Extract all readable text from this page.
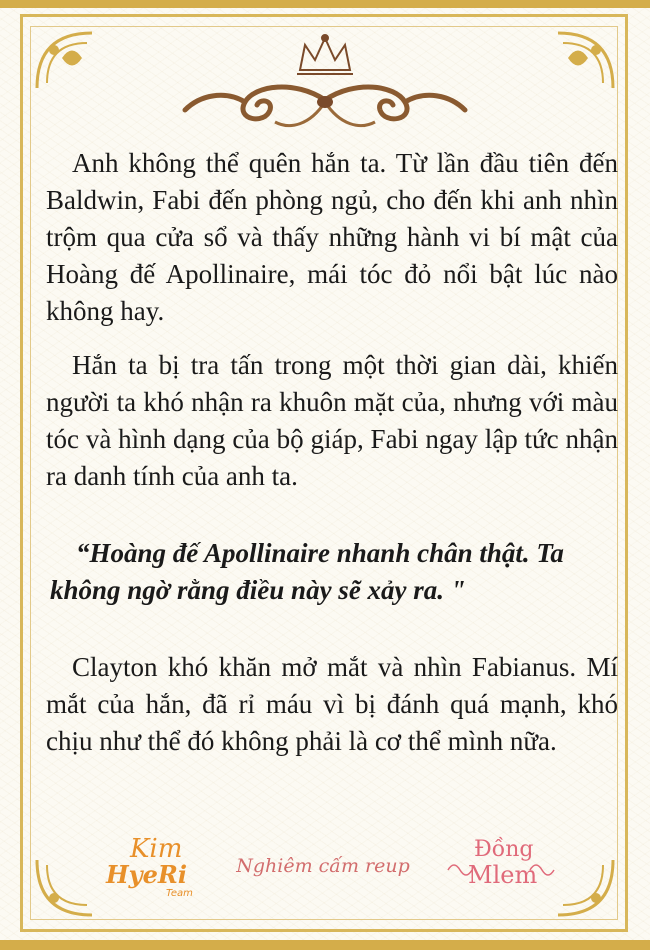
Anh không thể quên hắn ta. Từ lần đầu tiên đến Baldwin, Fabi đến phòng ngủ, cho đến khi anh nhìn trộm qua cửa sổ và thấy những hành vi bí mật của Hoàng đế Apollinaire, mái tóc đỏ nổi bật lúc nào không hay.

Hắn ta bị tra tấn trong một thời gian dài, khiến người ta khó nhận ra khuôn mặt của, nhưng với màu tóc và hình dạng của bộ giáp, Fabi ngay lập tức nhận ra danh tính của anh ta.

“Hoàng đế Apollinaire nhanh chân thật. Ta không ngờ rằng điều này sẽ xảy ra. "

Clayton khó khăn mở mắt và nhìn Fabianus. Mí mắt của hắn, đã rỉ máu vì bị đánh quá mạnh, khó chịu như thể đó không phải là cơ thể mình nữa.

Kim
HyeRi
Team
Nghiêm cấm reup
Đồng
Mlem
